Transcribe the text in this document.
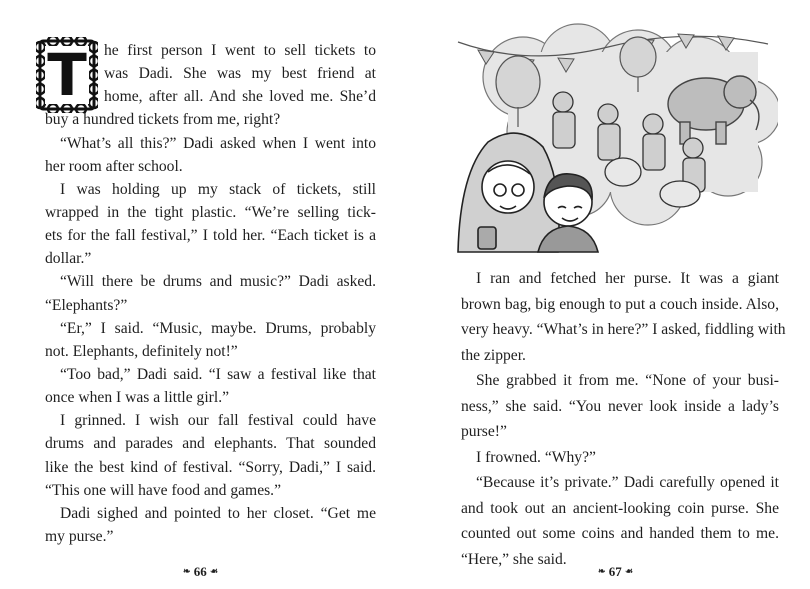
T	he first person I went to sell tickets to
was Dadi. She was my best friend at
home, after all. And she loved me. She’d
buy a hundred tickets from me, right?
“What’s all this?” Dadi asked when I went into
her room after school.
I was holding up my stack of tickets, still
wrapped in the tight plastic. “We’re selling tick-
ets for the fall festival,” I told her. “Each ticket is a
dollar.”
“Will there be drums and music?” Dadi asked.
“Elephants?”
“Er,” I said. “Music, maybe. Drums, probably
not. Elephants, definitely not!”
“Too bad,” Dadi said. “I saw a festival like that
once when I was a little girl.”
I grinned. I wish our fall festival could have
drums and parades and elephants. That sounded
like the best kind of festival. “Sorry, Dadi,” I said.
“This one will have food and games.”
Dadi sighed and pointed to her closet. “Get me
my purse.”
❧ 66 ☙
I ran and fetched her purse. It was a giant
brown bag, big enough to put a couch inside. Also,
very heavy. “What’s in here?” I asked, fiddling with
the zipper.
She grabbed it from me. “None of your busi-
ness,” she said. “You never look inside a lady’s
purse!”
I frowned. “Why?”
“Because it’s private.” Dadi carefully opened it
and took out an ancient-looking coin purse. She
counted out some coins and handed them to me.
“Here,” she said.
❧ 67 ☙
